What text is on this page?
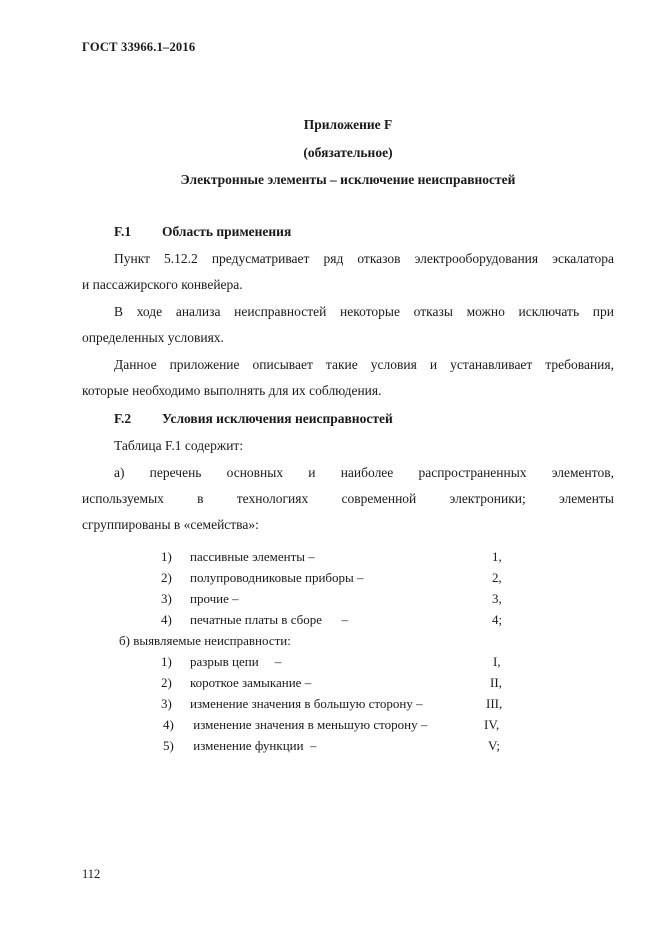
ГОСТ 33966.1–2016
Приложение F
(обязательное)
Электронные элементы – исключение неисправностей
F.1 Область применения
Пункт 5.12.2 предусматривает ряд отказов электрооборудования эскалатора
и пассажирского конвейера.
В ходе анализа неисправностей некоторые отказы можно исключать при
определенных условиях.
Данное приложение описывает такие условия и устанавливает требования,
которые необходимо выполнять для их соблюдения.
F.2 Условия исключения неисправностей
Таблица F.1 содержит:
а) перечень основных и наиболее распространенных элементов,
используемых в технологиях современной электроники; элементы
сгруппированы в «семейства»:
1) пассивные элементы –	1,
2) полупроводниковые приборы –	2,
3) прочие –	3,
4) печатные платы в сборе      –	4;
б) выявляемые неисправности:
1) разрыв цепи     –	I,
2) короткое замыкание –	II,
3) изменение значения в большую сторону –	III,
4) изменение значения в меньшую сторону –	IV,
5) изменение функции  –	V;
112
